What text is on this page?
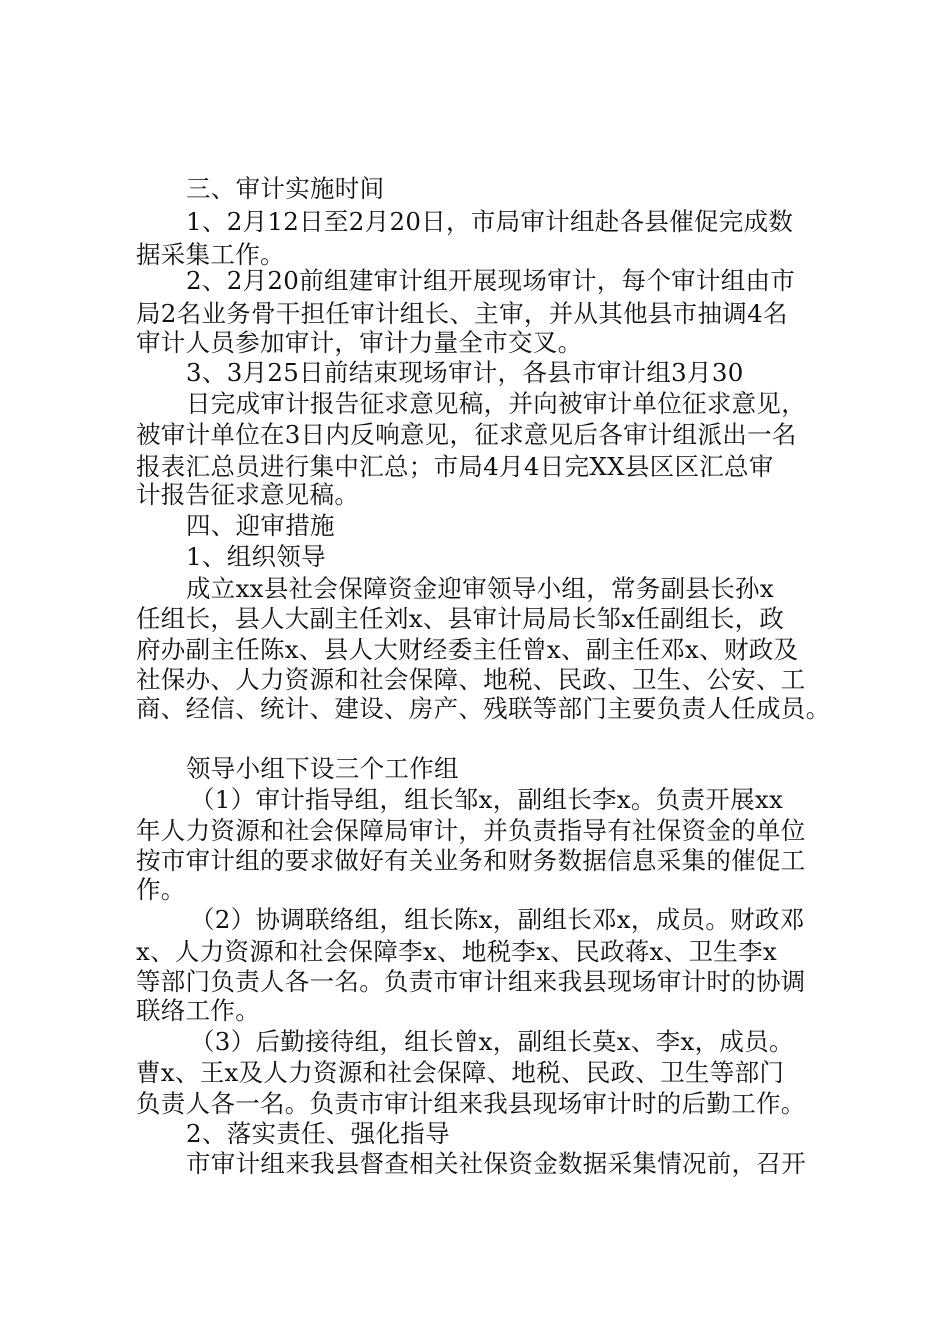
三、审计实施时间
1、2月12日至2月20日，市局审计组赴各县催促完成数
据采集工作。
2、2月20前组建审计组开展现场审计，每个审计组由市
局2名业务骨干担任审计组长、主审，并从其他县市抽调4名
审计人员参加审计，审计力量全市交叉。
3、3月25日前结束现场审计，各县市审计组3月30
日完成审计报告征求意见稿，并向被审计单位征求意见，
被审计单位在3日内反响意见，征求意见后各审计组派出一名
报表汇总员进行集中汇总；市局4月4日完XX县区区汇总审
计报告征求意见稿。
四、迎审措施
1、组织领导
成立xx县社会保障资金迎审领导小组，常务副县长孙x
任组长，县人大副主任刘x、县审计局局长邹x任副组长，政
府办副主任陈x、县人大财经委主任曾x、副主任邓x、财政及
社保办、人力资源和社会保障、地税、民政、卫生、公安、工
商、经信、统计、建设、房产、残联等部门主要负责人任成员。
领导小组下设三个工作组
（1）审计指导组，组长邹x，副组长李x。负责开展xx
年人力资源和社会保障局审计，并负责指导有社保资金的单位
按市审计组的要求做好有关业务和财务数据信息采集的催促工
作。
（2）协调联络组，组长陈x，副组长邓x，成员。财政邓
x、人力资源和社会保障李x、地税李x、民政蒋x、卫生李x
等部门负责人各一名。负责市审计组来我县现场审计时的协调
联络工作。
（3）后勤接待组，组长曾x，副组长莫x、李x，成员。
曹x、王x及人力资源和社会保障、地税、民政、卫生等部门
负责人各一名。负责市审计组来我县现场审计时的后勤工作。
2、落实责任、强化指导
市审计组来我县督查相关社保资金数据采集情况前，召开
